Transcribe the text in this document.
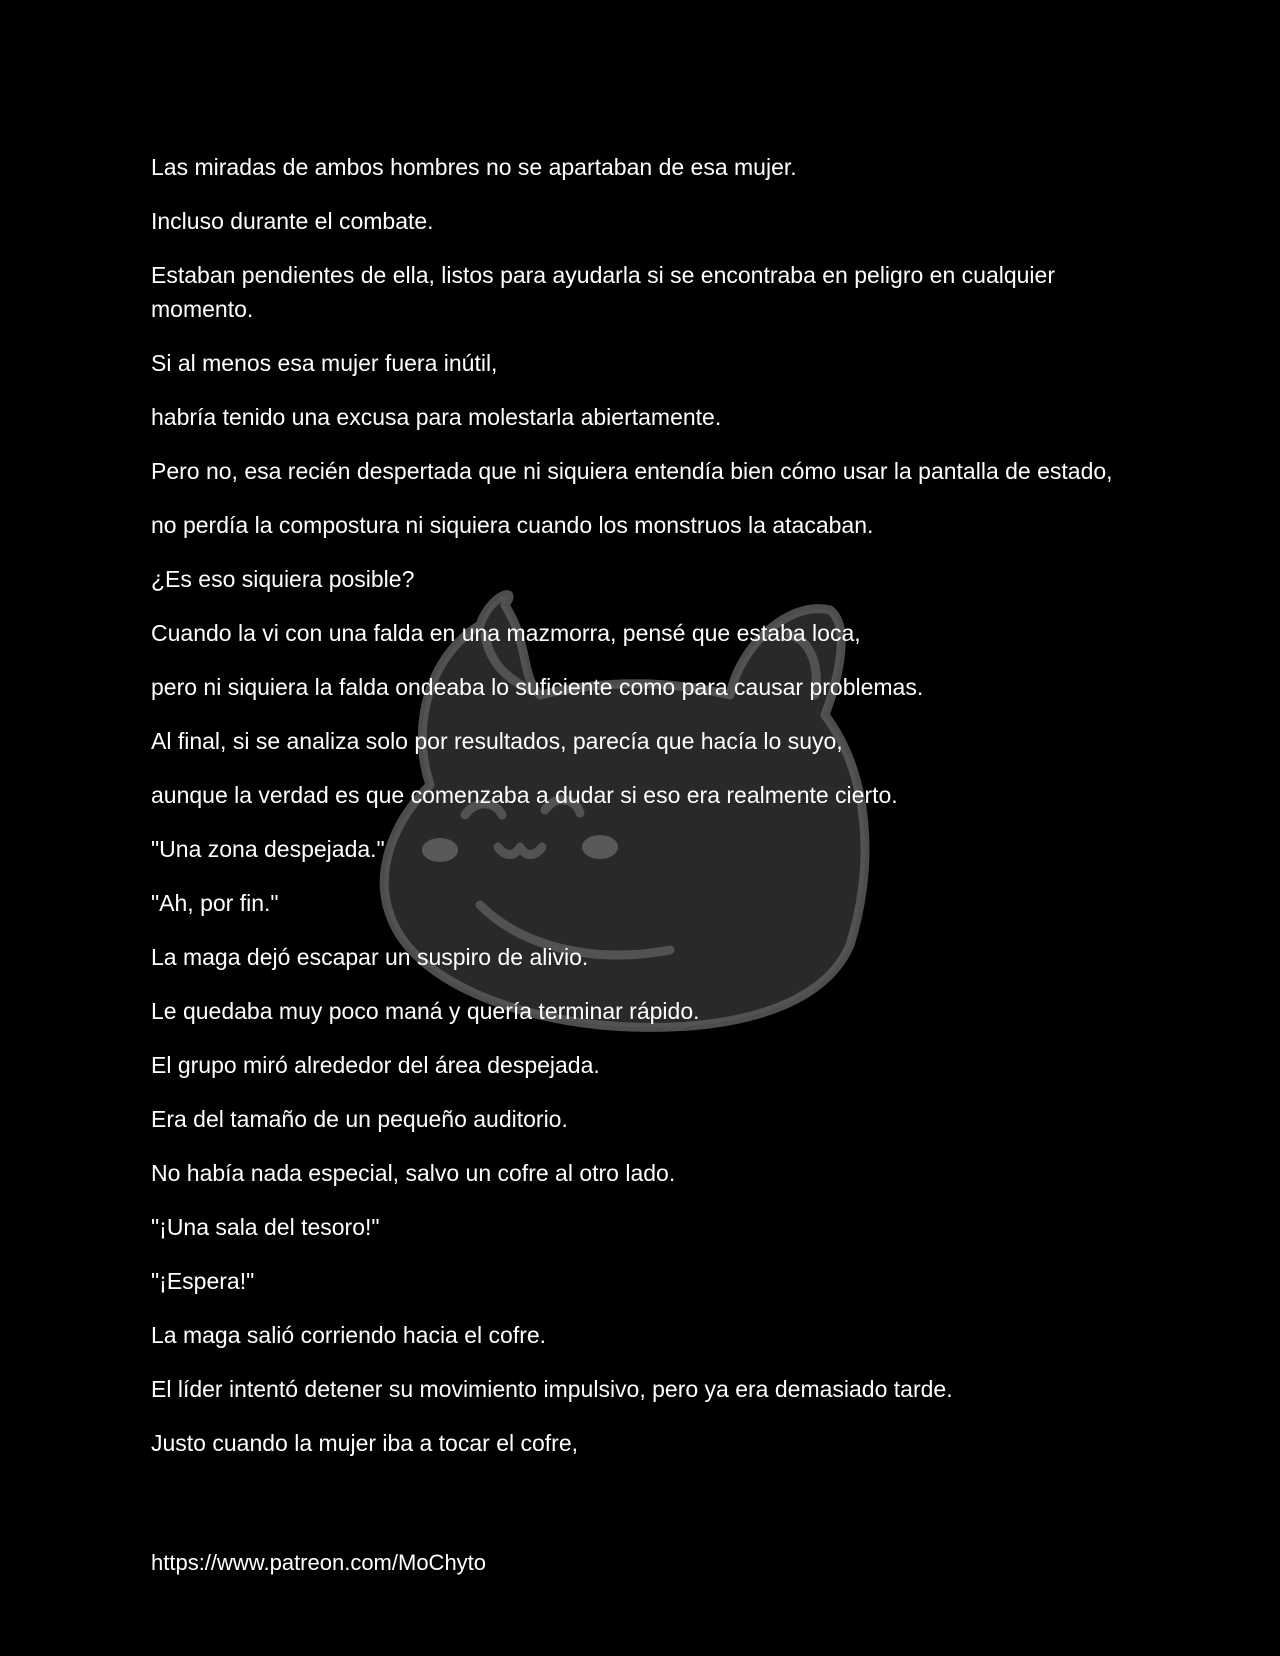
Las miradas de ambos hombres no se apartaban de esa mujer.

Incluso durante el combate.

Estaban pendientes de ella, listos para ayudarla si se encontraba en peligro en cualquier momento.

Si al menos esa mujer fuera inútil,

habría tenido una excusa para molestarla abiertamente.

Pero no, esa recién despertada que ni siquiera entendía bien cómo usar la pantalla de estado,

no perdía la compostura ni siquiera cuando los monstruos la atacaban.

¿Es eso siquiera posible?

Cuando la vi con una falda en una mazmorra, pensé que estaba loca,

pero ni siquiera la falda ondeaba lo suficiente como para causar problemas.

Al final, si se analiza solo por resultados, parecía que hacía lo suyo,

aunque la verdad es que comenzaba a dudar si eso era realmente cierto.

"Una zona despejada."

"Ah, por fin."

La maga dejó escapar un suspiro de alivio.

Le quedaba muy poco maná y quería terminar rápido.

El grupo miró alrededor del área despejada.

Era del tamaño de un pequeño auditorio.

No había nada especial, salvo un cofre al otro lado.

"¡Una sala del tesoro!"

"¡Espera!"

La maga salió corriendo hacia el cofre.

El líder intentó detener su movimiento impulsivo, pero ya era demasiado tarde.

Justo cuando la mujer iba a tocar el cofre,

https://www.patreon.com/MoChyto
